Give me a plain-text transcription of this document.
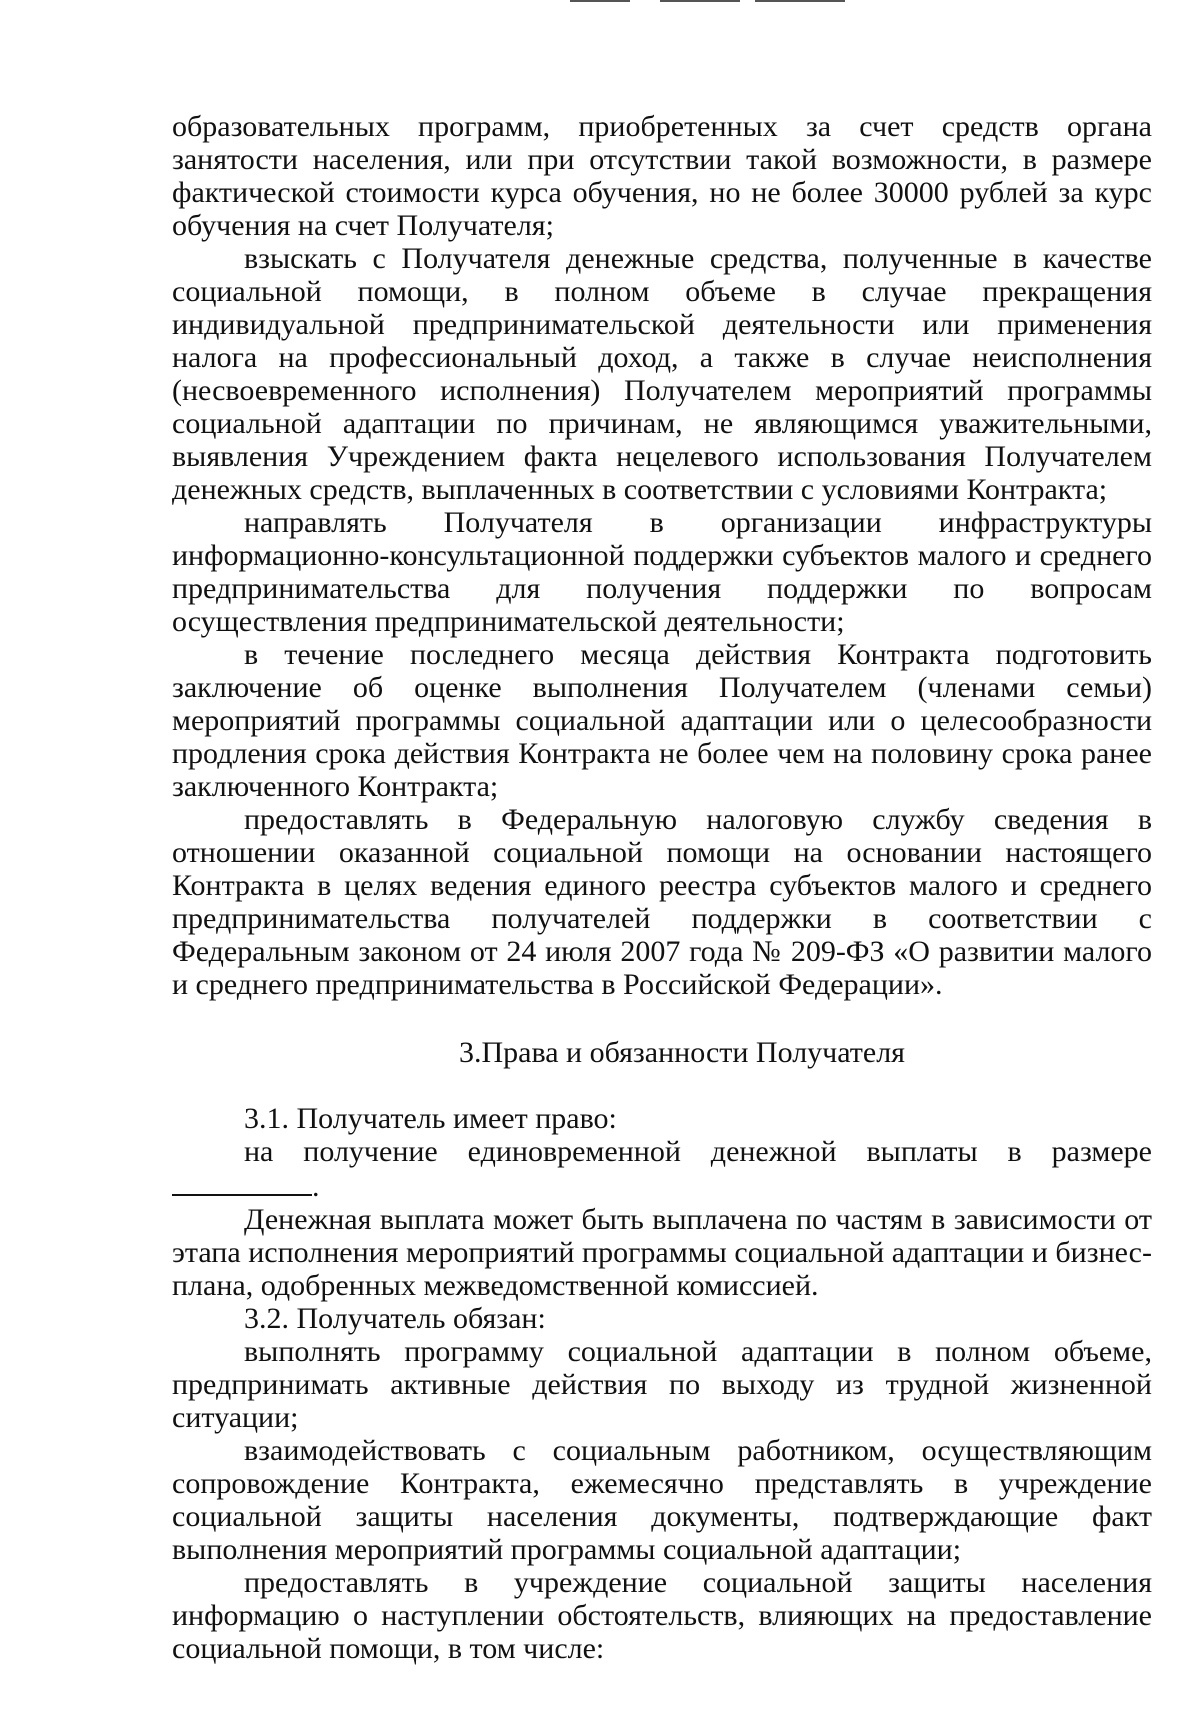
образовательных программ, приобретенных за счет средств органа занятости населения, или при отсутствии такой возможности, в размере фактической стоимости курса обучения, но не более 30000 рублей за курс обучения на счет Получателя;

взыскать с Получателя денежные средства, полученные в качестве социальной помощи, в полном объеме в случае прекращения индивидуальной предпринимательской деятельности или применения налога на профессиональный доход, а также в случае неисполнения (несвоевременного исполнения) Получателем мероприятий программы социальной адаптации по причинам, не являющимся уважительными, выявления Учреждением факта нецелевого использования Получателем денежных средств, выплаченных в соответствии с условиями Контракта;

направлять Получателя в организации инфраструктуры информационно-консультационной поддержки субъектов малого и среднего предпринимательства для получения поддержки по вопросам осуществления предпринимательской деятельности;

в течение последнего месяца действия Контракта подготовить заключение об оценке выполнения Получателем (членами семьи) мероприятий программы социальной адаптации или о целесообразности продления срока действия Контракта не более чем на половину срока ранее заключенного Контракта;

предоставлять в Федеральную налоговую службу сведения в отношении оказанной социальной помощи на основании настоящего Контракта в целях ведения единого реестра субъектов малого и среднего предпринимательства получателей поддержки в соответствии с Федеральным законом от 24 июля 2007 года № 209-ФЗ «О развитии малого и среднего предпринимательства в Российской Федерации».

3.Права и обязанности Получателя

3.1. Получатель имеет право:

на получение единовременной денежной выплаты в размере .

Денежная выплата может быть выплачена по частям в зависимости от этапа исполнения мероприятий программы социальной адаптации и бизнес-плана, одобренных межведомственной комиссией.

3.2. Получатель обязан:

выполнять программу социальной адаптации в полном объеме, предпринимать активные действия по выходу из трудной жизненной ситуации;

взаимодействовать с социальным работником, осуществляющим сопровождение Контракта, ежемесячно представлять в учреждение социальной защиты населения документы, подтверждающие факт выполнения мероприятий программы социальной адаптации;

предоставлять в учреждение социальной защиты населения информацию о наступлении обстоятельств, влияющих на предоставление социальной помощи, в том числе:
